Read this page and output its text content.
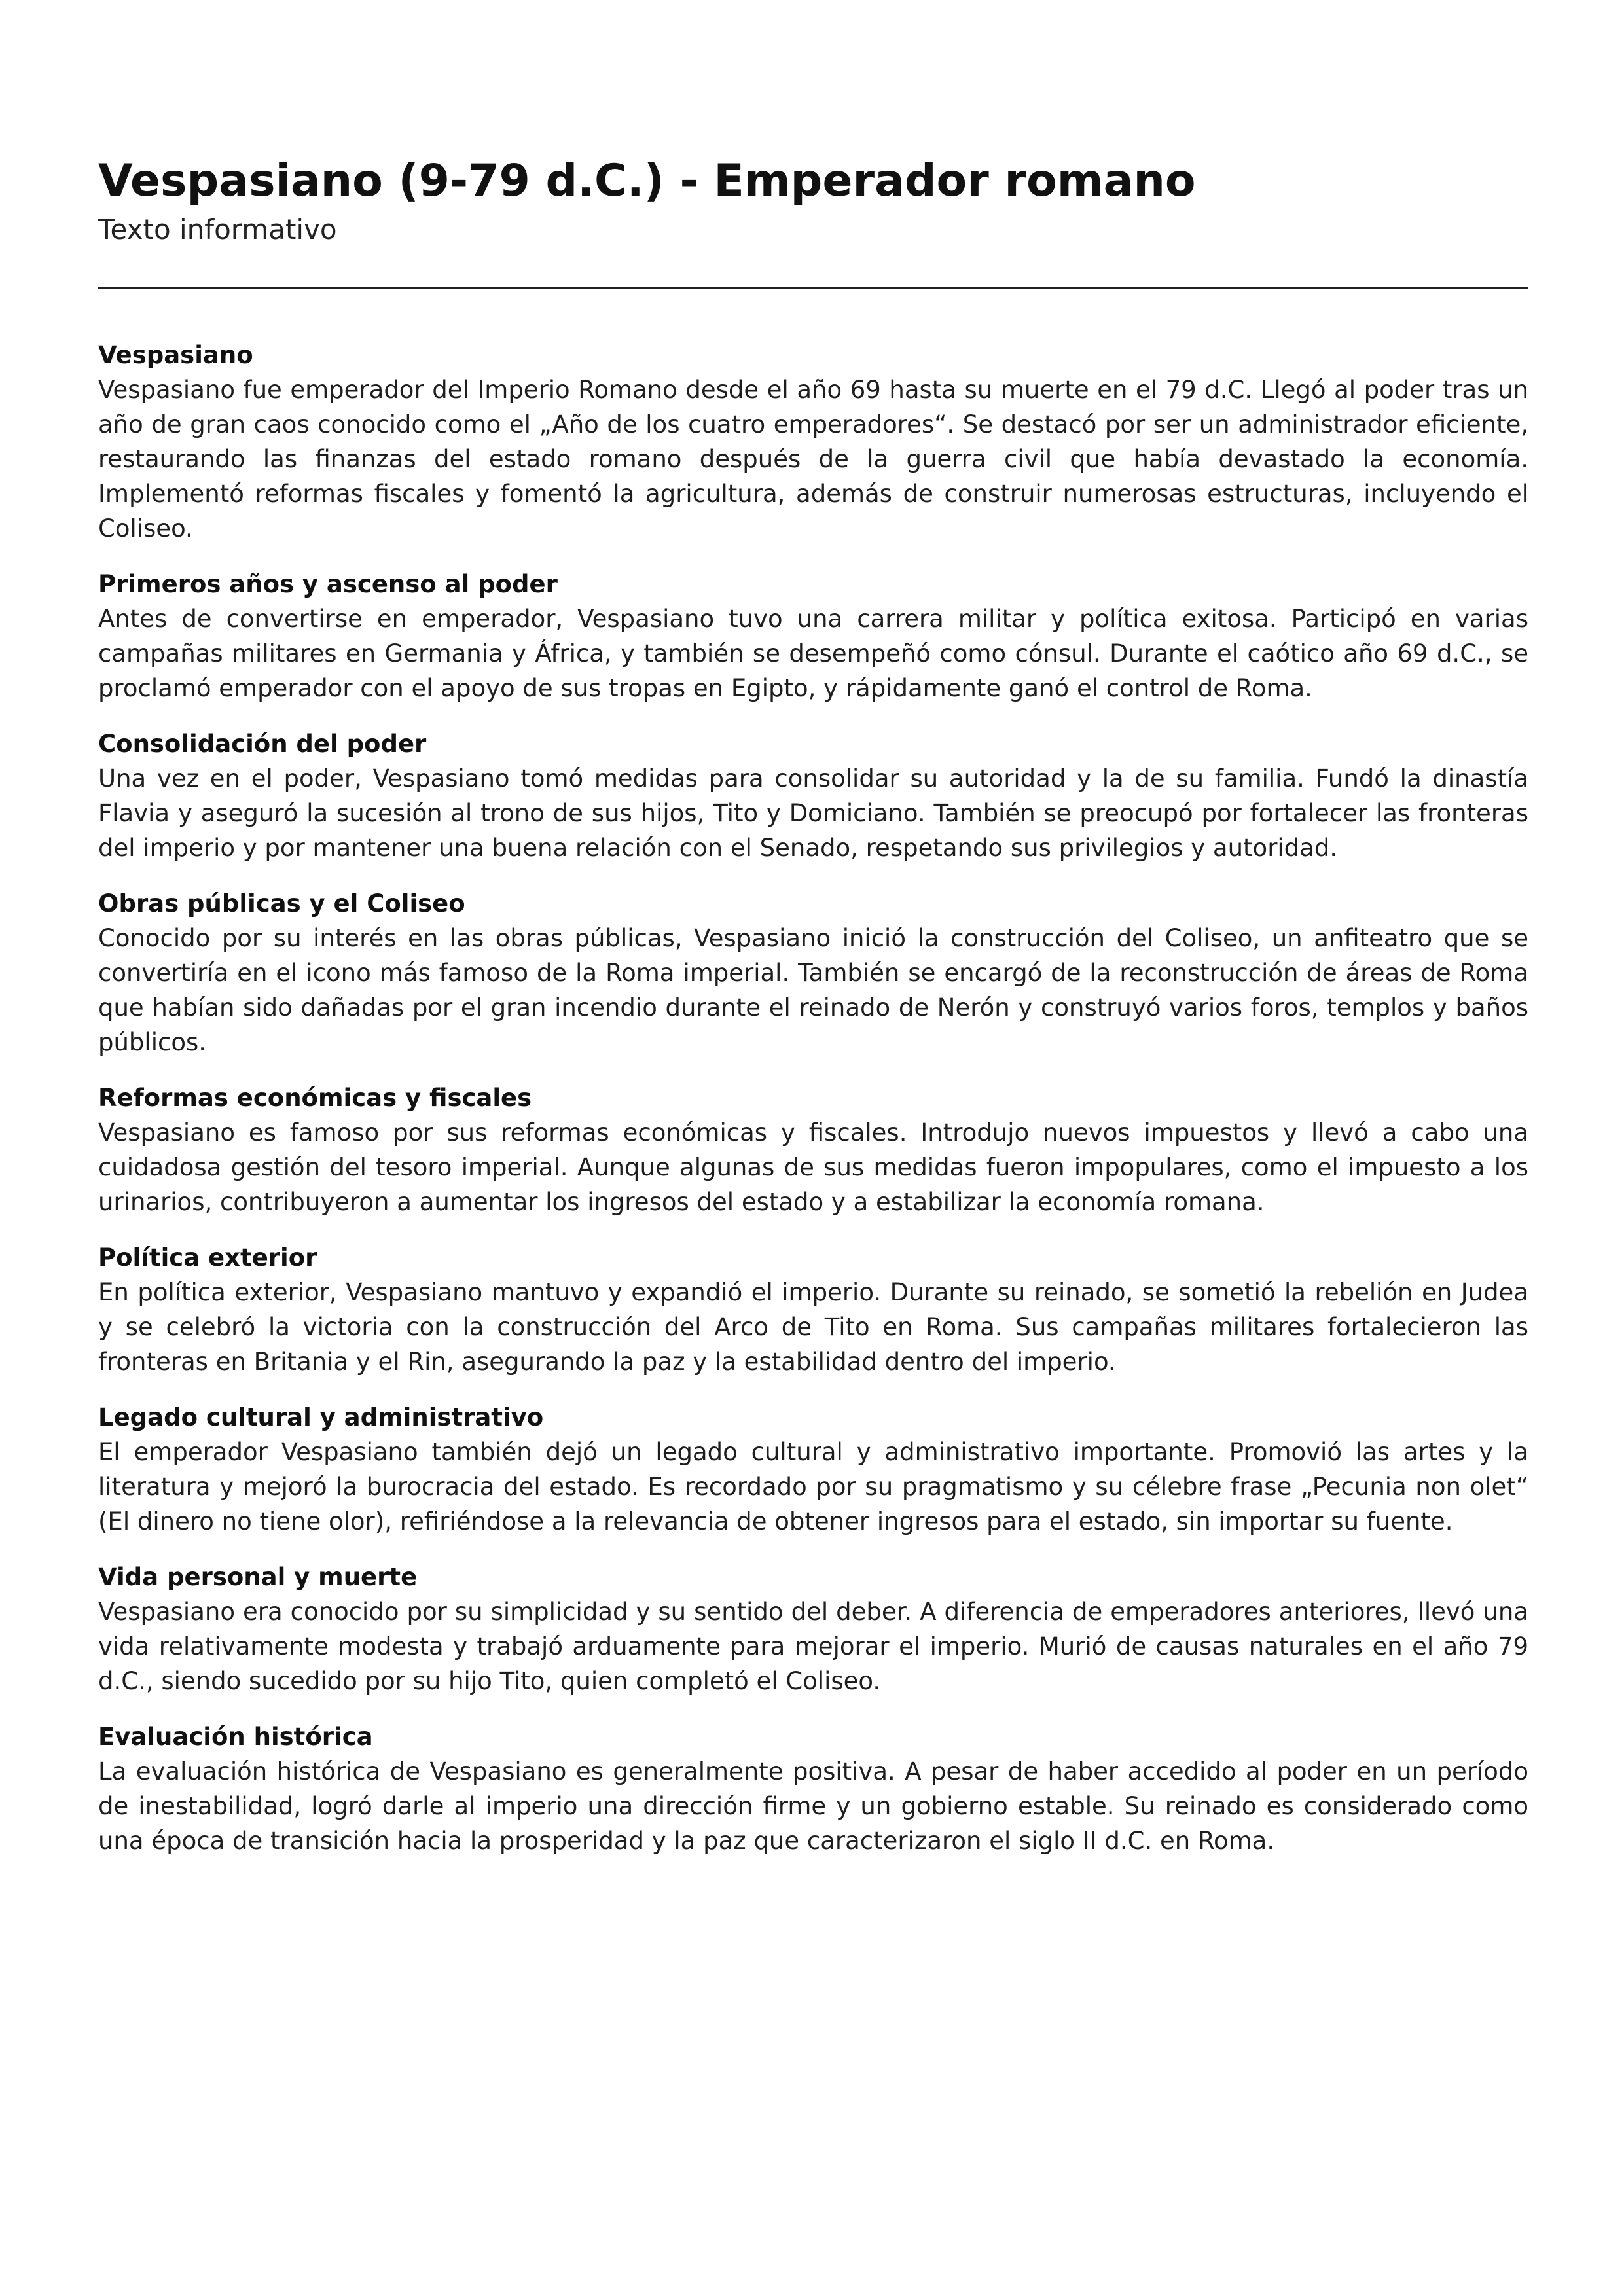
Vespasiano (9-79 d.C.) - Emperador romano

Texto informativo

Vespasiano

Vespasiano fue emperador del Imperio Romano desde el año 69 hasta su muerte en el 79 d.C. Llegó al poder tras un año de gran caos conocido como el „Año de los cuatro emperadores“. Se destacó por ser un administrador eficiente, restaurando las finanzas del estado romano después de la guerra civil que había devastado la economía. Implementó reformas fiscales y fomentó la agricultura, además de construir numerosas estructuras, incluyendo el Coliseo.

Primeros años y ascenso al poder

Antes de convertirse en emperador, Vespasiano tuvo una carrera militar y política exitosa. Participó en varias campañas militares en Germania y África, y también se desempeñó como cónsul. Durante el caótico año 69 d.C., se proclamó emperador con el apoyo de sus tropas en Egipto, y rápidamente ganó el control de Roma.

Consolidación del poder

Una vez en el poder, Vespasiano tomó medidas para consolidar su autoridad y la de su familia. Fundó la dinastía Flavia y aseguró la sucesión al trono de sus hijos, Tito y Domiciano. También se preocupó por fortalecer las fronteras del imperio y por mantener una buena relación con el Senado, respetando sus privilegios y autoridad.

Obras públicas y el Coliseo

Conocido por su interés en las obras públicas, Vespasiano inició la construcción del Coliseo, un anfiteatro que se convertiría en el icono más famoso de la Roma imperial. También se encargó de la reconstrucción de áreas de Roma que habían sido dañadas por el gran incendio durante el reinado de Nerón y construyó varios foros, templos y baños públicos.

Reformas económicas y fiscales

Vespasiano es famoso por sus reformas económicas y fiscales. Introdujo nuevos impuestos y llevó a cabo una cuidadosa gestión del tesoro imperial. Aunque algunas de sus medidas fueron impopulares, como el impuesto a los urinarios, contribuyeron a aumentar los ingresos del estado y a estabilizar la economía romana.

Política exterior

En política exterior, Vespasiano mantuvo y expandió el imperio. Durante su reinado, se sometió la rebelión en Judea y se celebró la victoria con la construcción del Arco de Tito en Roma. Sus campañas militares fortalecieron las fronteras en Britania y el Rin, asegurando la paz y la estabilidad dentro del imperio.

Legado cultural y administrativo

El emperador Vespasiano también dejó un legado cultural y administrativo importante. Promovió las artes y la literatura y mejoró la burocracia del estado. Es recordado por su pragmatismo y su célebre frase „Pecunia non olet“ (El dinero no tiene olor), refiriéndose a la relevancia de obtener ingresos para el estado, sin importar su fuente.

Vida personal y muerte

Vespasiano era conocido por su simplicidad y su sentido del deber. A diferencia de emperadores anteriores, llevó una vida relativamente modesta y trabajó arduamente para mejorar el imperio. Murió de causas naturales en el año 79 d.C., siendo sucedido por su hijo Tito, quien completó el Coliseo.

Evaluación histórica

La evaluación histórica de Vespasiano es generalmente positiva. A pesar de haber accedido al poder en un período de inestabilidad, logró darle al imperio una dirección firme y un gobierno estable. Su reinado es considerado como una época de transición hacia la prosperidad y la paz que caracterizaron el siglo II d.C. en Roma.
